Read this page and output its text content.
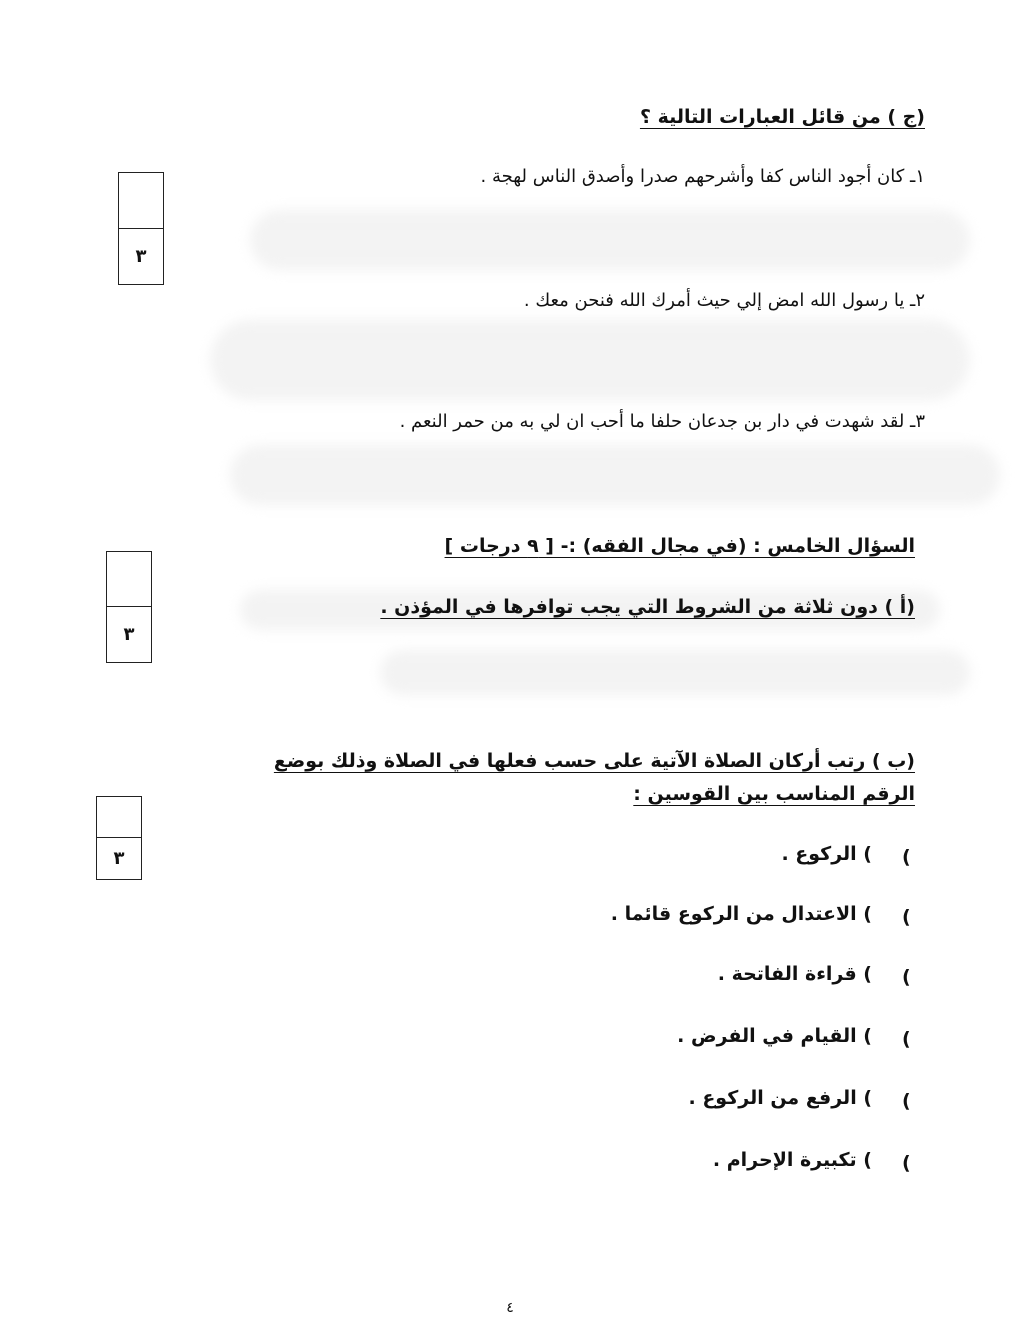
(ج ) من قائل العبارات التالية ؟
١ـ كان أجود الناس كفا وأشرحهم صدرا وأصدق الناس لهجة .
٢ـ يا رسول الله امض إلي حيث أمرك الله فنحن معك .
٣ـ لقد شهدت في دار بن جدعان حلفا ما أحب ان لي به من حمر النعم .
٣
السؤال الخامس : (في مجال الفقه) :- [ ٩ درجات ]
(أ ) دون ثلاثة من الشروط التي يجب توافرها في المؤذن .
٣
(ب ) رتب أركان الصلاة الآتية على حسب فعلها في الصلاة وذلك بوضع
الرقم المناسب بين القوسين :
٣	(
) الركوع .
(
) الاعتدال من الركوع قائما .
(
) قراءة الفاتحة .
(
) القيام في الفرض .
(
) الرفع من الركوع .
(
) تكبيرة الإحرام .
٤
